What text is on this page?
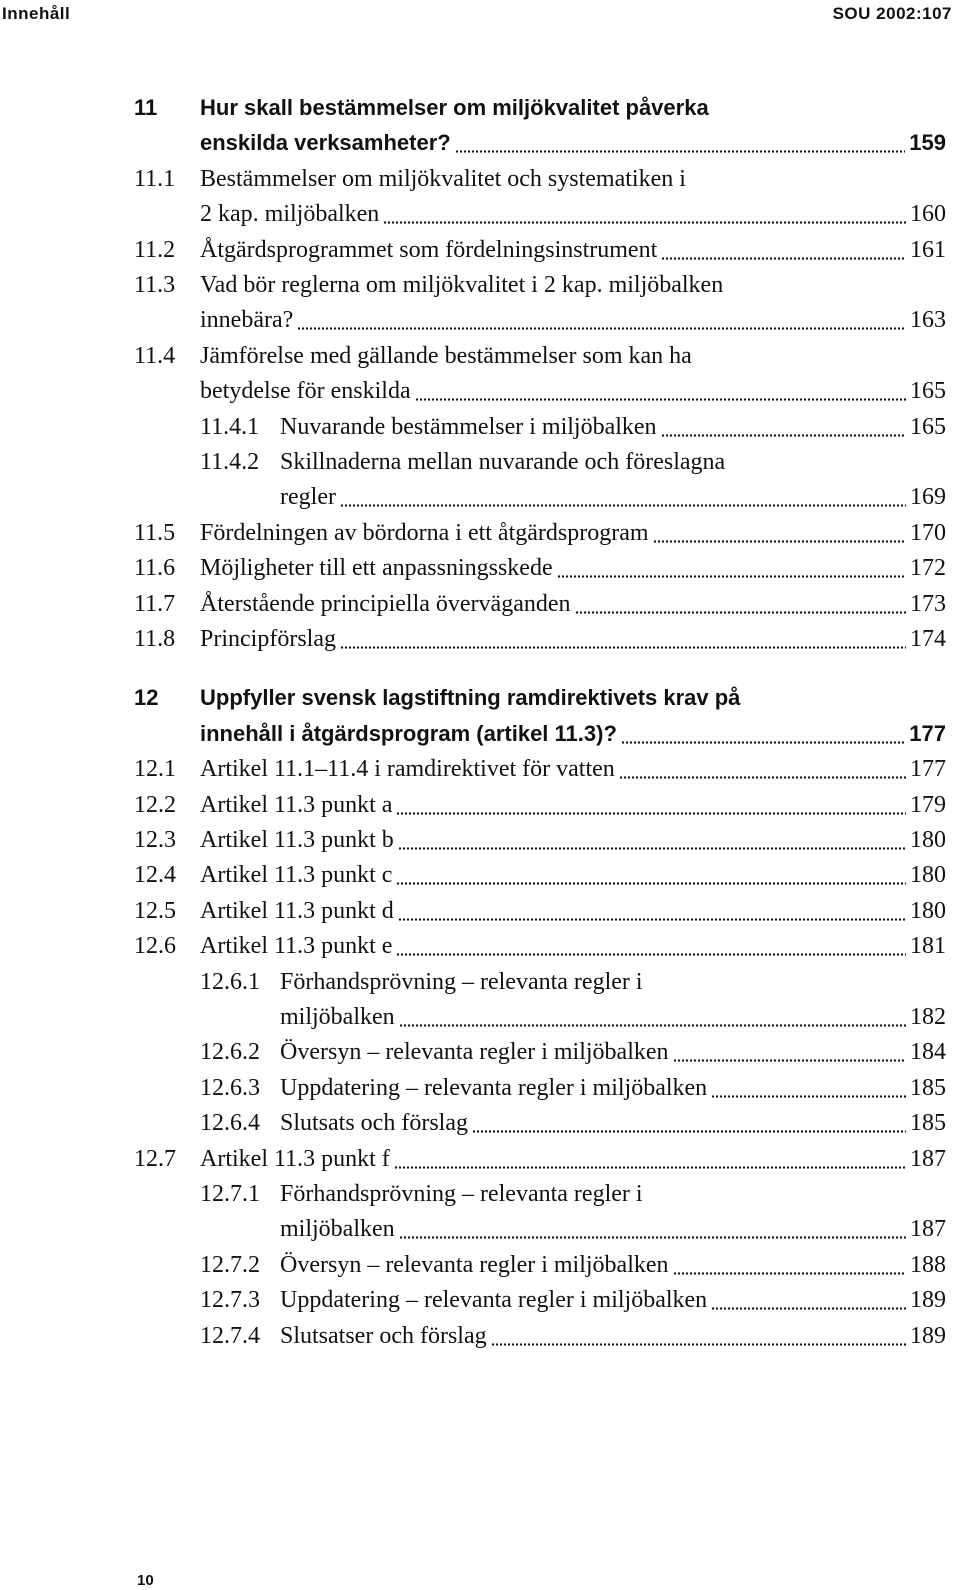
Innehåll	SOU 2002:107
11 Hur skall bestämmelser om miljökvalitet påverka
enskilda verksamheter?	159
11.1 Bestämmelser om miljökvalitet och systematiken i
2 kap. miljöbalken	160
11.2 Åtgärdsprogrammet som fördelningsinstrument	161
11.3 Vad bör reglerna om miljökvalitet i 2 kap. miljöbalken
innebära?	163
11.4 Jämförelse med gällande bestämmelser som kan ha
betydelse för enskilda	165
11.4.1 Nuvarande bestämmelser i miljöbalken	165
11.4.2 Skillnaderna mellan nuvarande och föreslagna
regler	169
11.5 Fördelningen av bördorna i ett åtgärdsprogram	170
11.6 Möjligheter till ett anpassningsskede	172
11.7 Återstående principiella överväganden	173
11.8 Principförslag	174
12 Uppfyller svensk lagstiftning ramdirektivets krav på
innehåll i åtgärdsprogram (artikel 11.3)?	177
12.1 Artikel 11.1–11.4 i ramdirektivet för vatten	177
12.2 Artikel 11.3 punkt a	179
12.3 Artikel 11.3 punkt b	180
12.4 Artikel 11.3 punkt c	180
12.5 Artikel 11.3 punkt d	180
12.6 Artikel 11.3 punkt e	181
12.6.1 Förhandsprövning – relevanta regler i
miljöbalken	182
12.6.2 Översyn – relevanta regler i miljöbalken	184
12.6.3 Uppdatering – relevanta regler i miljöbalken	185
12.6.4 Slutsats och förslag	185
12.7 Artikel 11.3 punkt f	187
12.7.1 Förhandsprövning – relevanta regler i
miljöbalken	187
12.7.2 Översyn – relevanta regler i miljöbalken	188
12.7.3 Uppdatering – relevanta regler i miljöbalken	189
12.7.4 Slutsatser och förslag	189
10
